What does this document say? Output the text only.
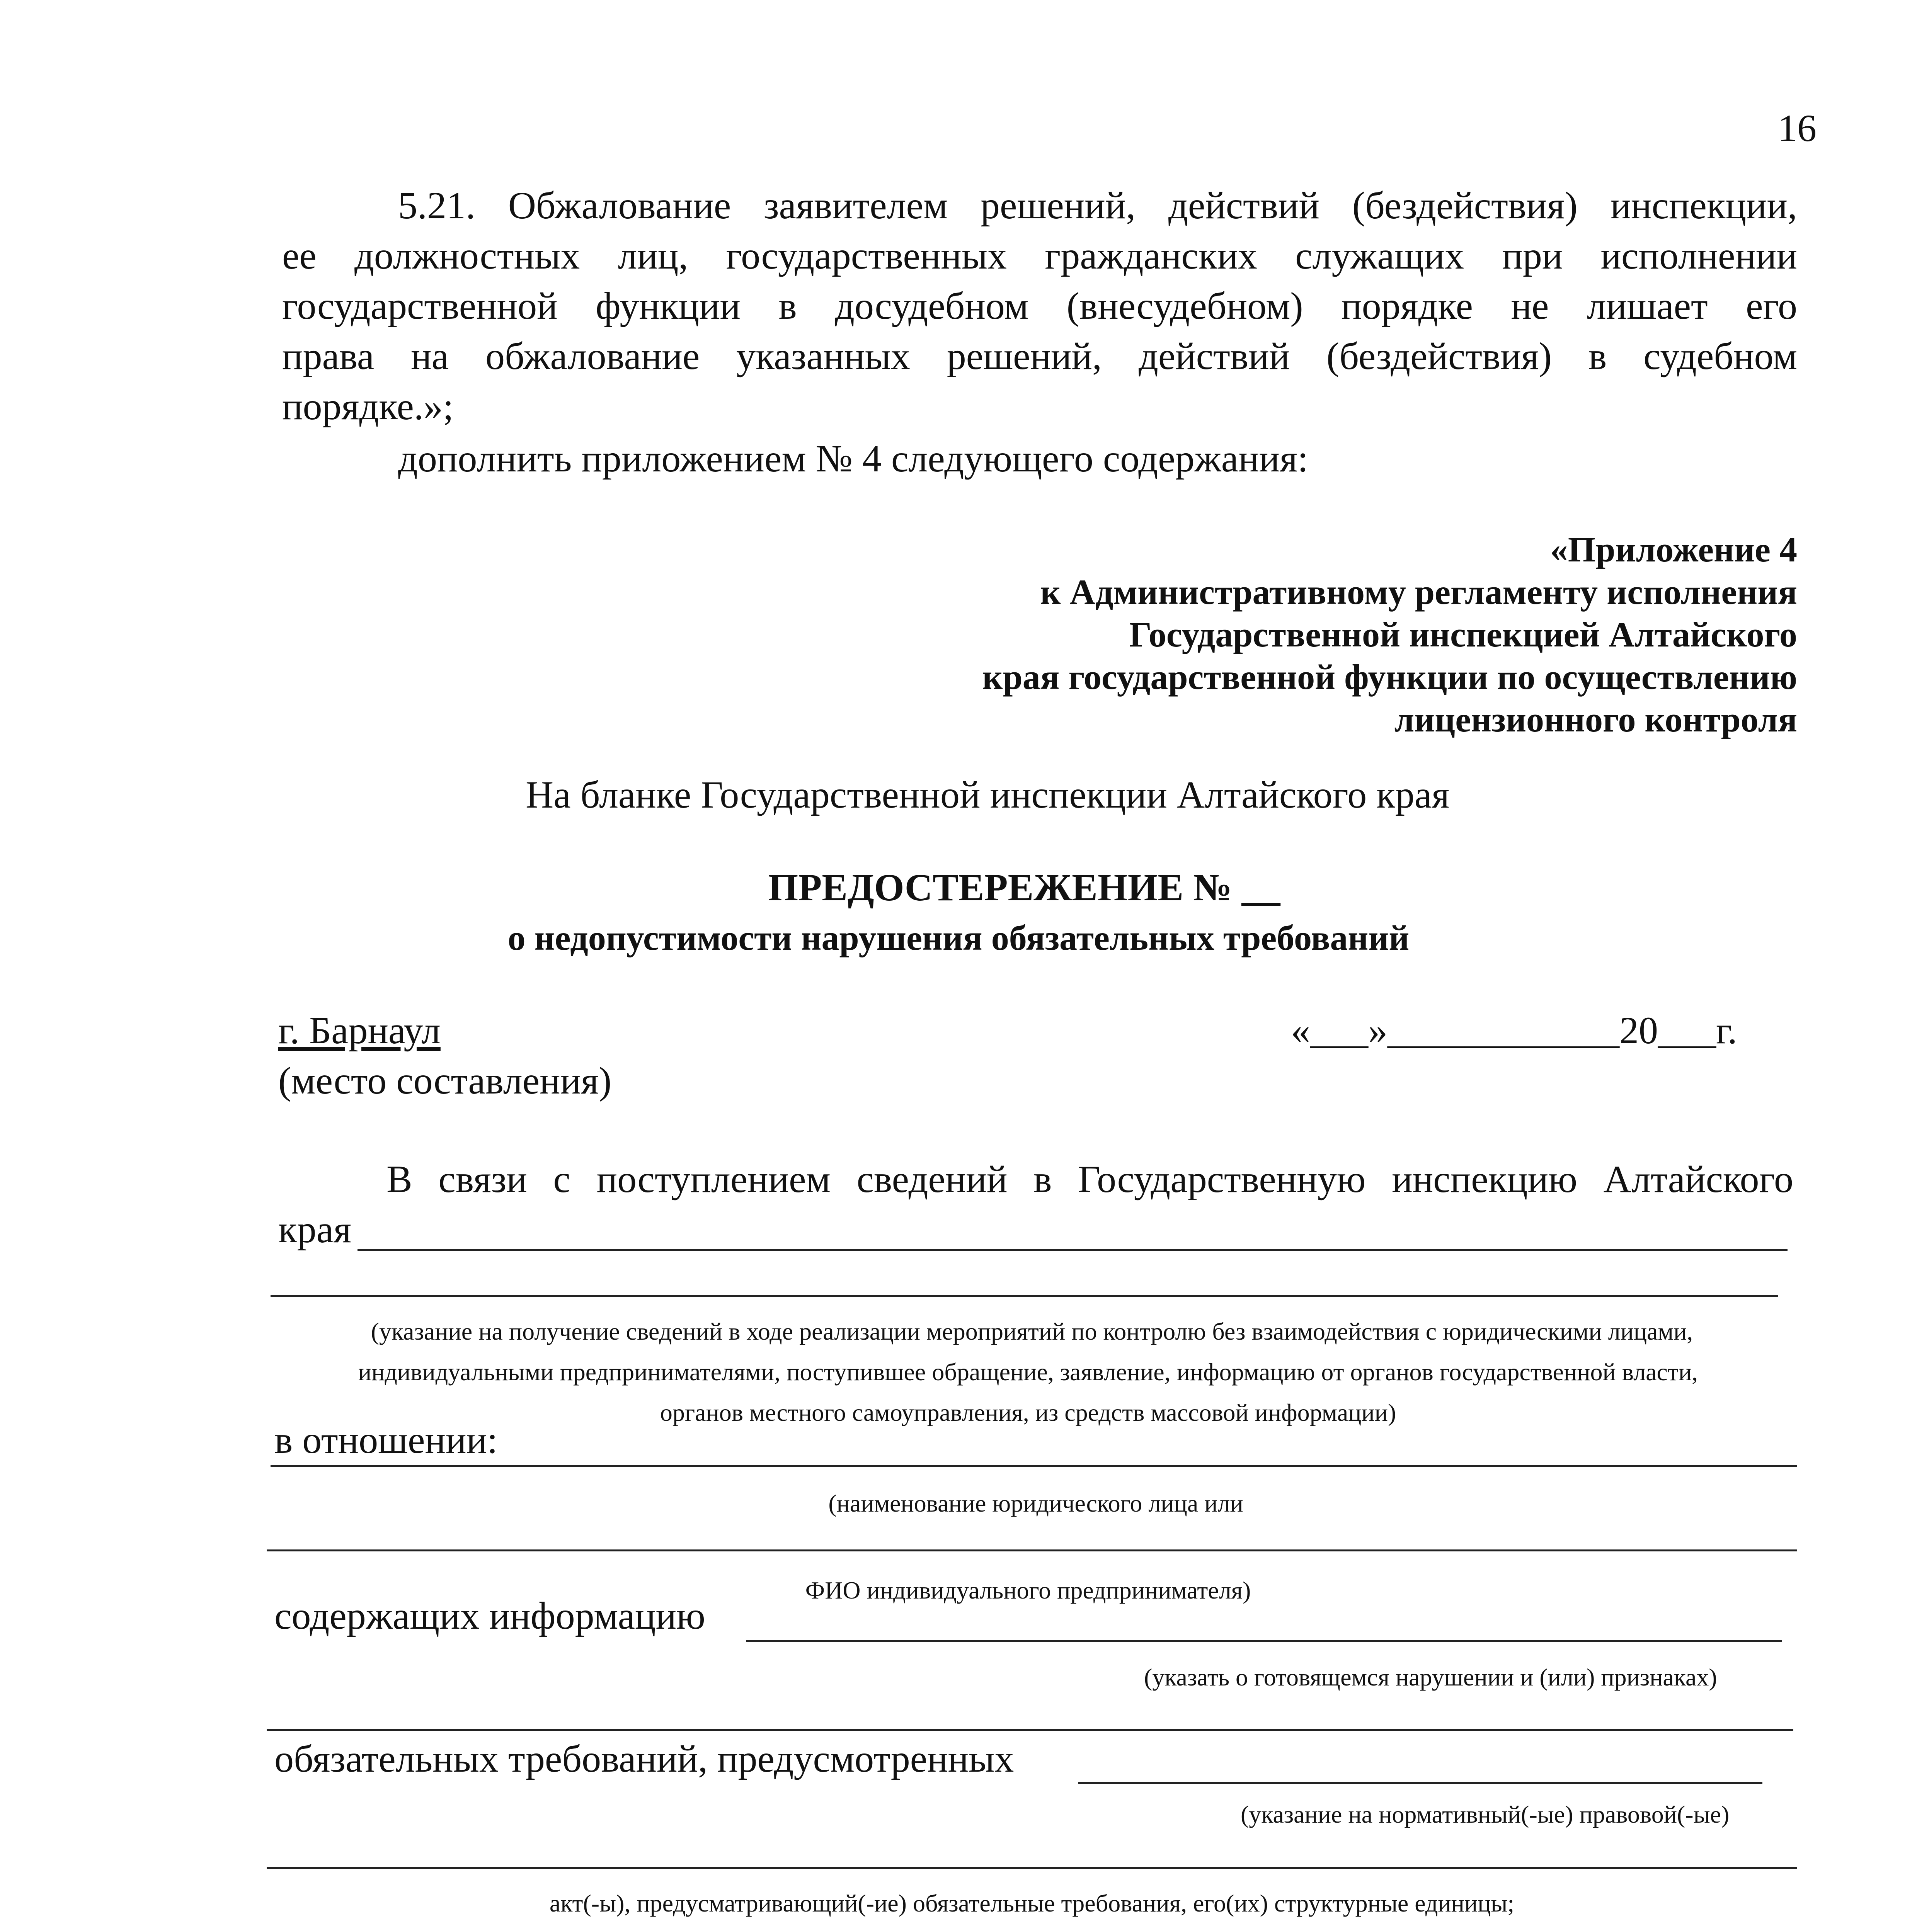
16
5.21. Обжалование заявителем решений, действий (бездействия) инспекции,
ее должностных лиц, государственных гражданских служащих при исполнении
государственной функции в досудебном (внесудебном) порядке не лишает его
права на обжалование указанных решений, действий (бездействия) в судебном
порядке.»;
дополнить приложением № 4 следующего содержания:
«Приложение 4
к Административному регламенту исполнения
Государственной инспекцией Алтайского
края государственной функции по осуществлению
лицензионного контроля
На бланке Государственной инспекции Алтайского края
ПРЕДОСТЕРЕЖЕНИЕ № __
о недопустимости нарушения обязательных требований
г. Барнаул
(место составления)
«___»____________20___г.
В связи с поступлением сведений в Государственную инспекцию Алтайского
края
(указание на получение сведений в ходе реализации мероприятий по контролю без взаимодействия с юридическими лицами,
индивидуальными предпринимателями, поступившее обращение, заявление, информацию от органов государственной власти,
органов местного самоуправления, из средств массовой информации)
в отношении:
(наименование юридического лица или
ФИО индивидуального предпринимателя)
содержащих информацию
(указать о готовящемся нарушении и (или) признаках)
обязательных требований, предусмотренных
(указание на нормативный(-ые) правовой(-ые)
акт(-ы), предусматривающий(-ие) обязательные требования, его(их) структурные единицы;
